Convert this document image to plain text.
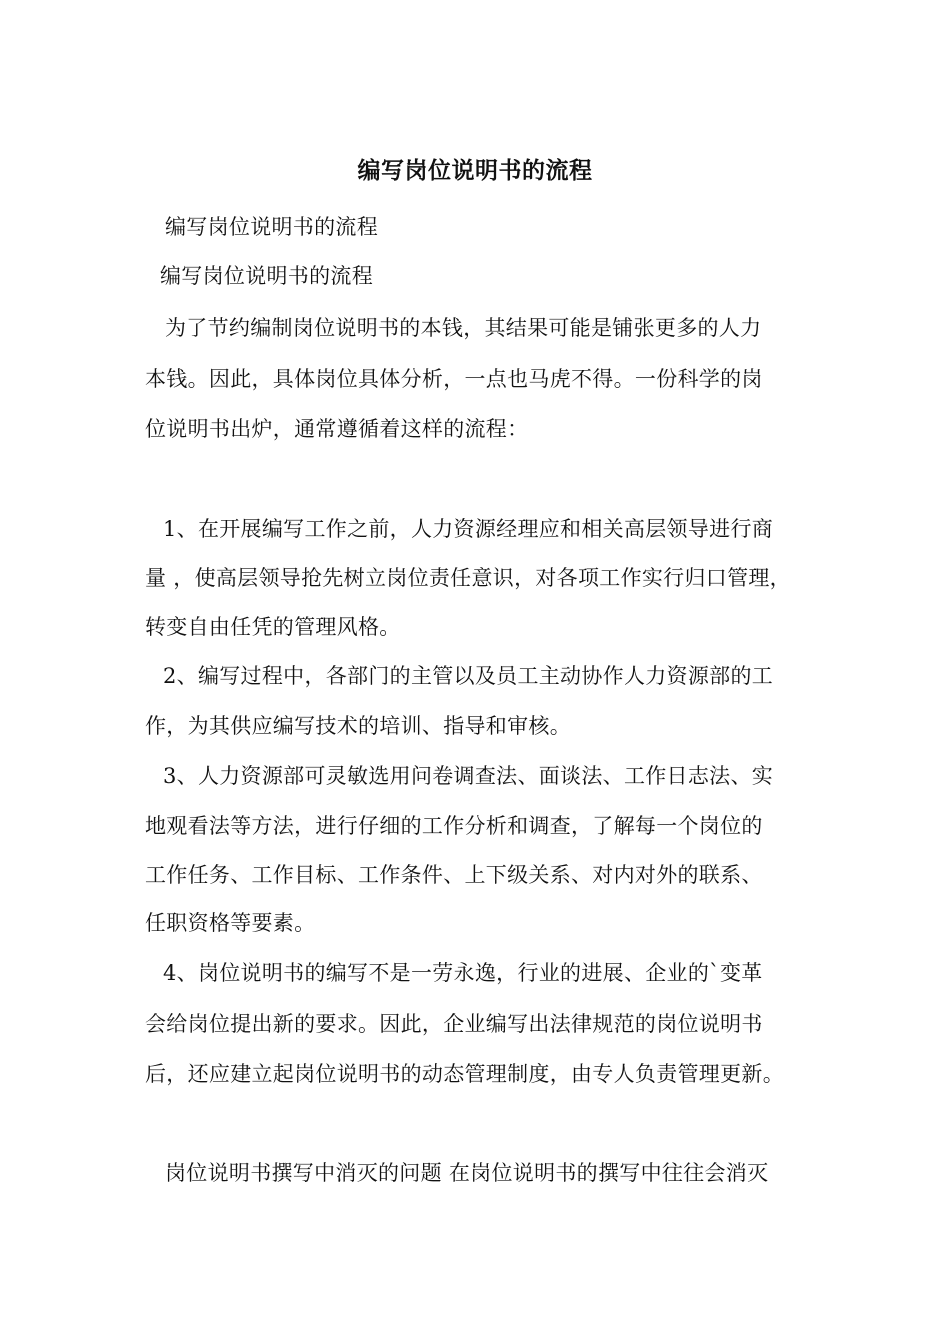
编写岗位说明书的流程
编写岗位说明书的流程
编写岗位说明书的流程
为了节约编制岗位说明书的本钱，其结果可能是铺张更多的人力
本钱。因此，具体岗位具体分析，一点也马虎不得。一份科学的岗
位说明书出炉，通常遵循着这样的流程：
1、在开展编写工作之前，人力资源经理应和相关高层领导进行商
量 ，使高层领导抢先树立岗位责任意识，对各项工作实行归口管理，
转变自由任凭的管理风格。
2、编写过程中，各部门的主管以及员工主动协作人力资源部的工
作，为其供应编写技术的培训、指导和审核。
3、人力资源部可灵敏选用问卷调查法、面谈法、工作日志法、实
地观看法等方法，进行仔细的工作分析和调查，了解每一个岗位的
工作任务、工作目标、工作条件、上下级关系、对内对外的联系、
任职资格等要素。
4、岗位说明书的编写不是一劳永逸，行业的进展、企业的`变革
会给岗位提出新的要求。因此，企业编写出法律规范的岗位说明书
后，还应建立起岗位说明书的动态管理制度，由专人负责管理更新。
岗位说明书撰写中消灭的问题 在岗位说明书的撰写中往往会消灭
